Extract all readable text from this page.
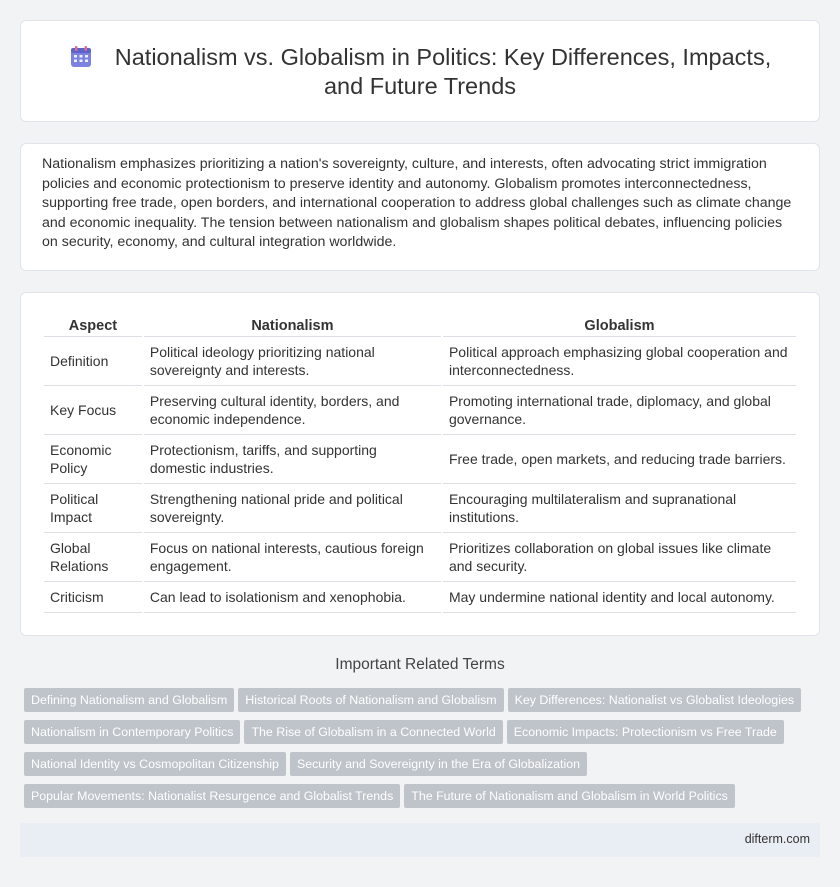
Nationalism vs. Globalism in Politics: Key Differences, Impacts,
and Future Trends

Nationalism emphasizes prioritizing a nation's sovereignty, culture, and interests, often advocating strict immigration policies and economic protectionism to preserve identity and autonomy. Globalism promotes interconnectedness, supporting free trade, open borders, and international cooperation to address global challenges such as climate change and economic inequality. The tension between nationalism and globalism shapes political debates, influencing policies on security, economy, and cultural integration worldwide.

Aspect	Nationalism	Globalism
Definition	Political ideology prioritizing national sovereignty and interests.	Political approach emphasizing global cooperation and interconnectedness.
Key Focus	Preserving cultural identity, borders, and economic independence.	Promoting international trade, diplomacy, and global governance.
Economic Policy	Protectionism, tariffs, and supporting domestic industries.	Free trade, open markets, and reducing trade barriers.
Political Impact	Strengthening national pride and political sovereignty.	Encouraging multilateralism and supranational institutions.
Global Relations	Focus on national interests, cautious foreign engagement.	Prioritizes collaboration on global issues like climate and security.
Criticism	Can lead to isolationism and xenophobia.	May undermine national identity and local autonomy.
Important Related Terms
Defining Nationalism and Globalism Historical Roots of Nationalism and Globalism Key Differences: Nationalist vs Globalist Ideologies
Nationalism in Contemporary Politics The Rise of Globalism in a Connected World Economic Impacts: Protectionism vs Free Trade
National Identity vs Cosmopolitan Citizenship Security and Sovereignty in the Era of Globalization
Popular Movements: Nationalist Resurgence and Globalist Trends The Future of Nationalism and Globalism in World Politics
difterm.com
